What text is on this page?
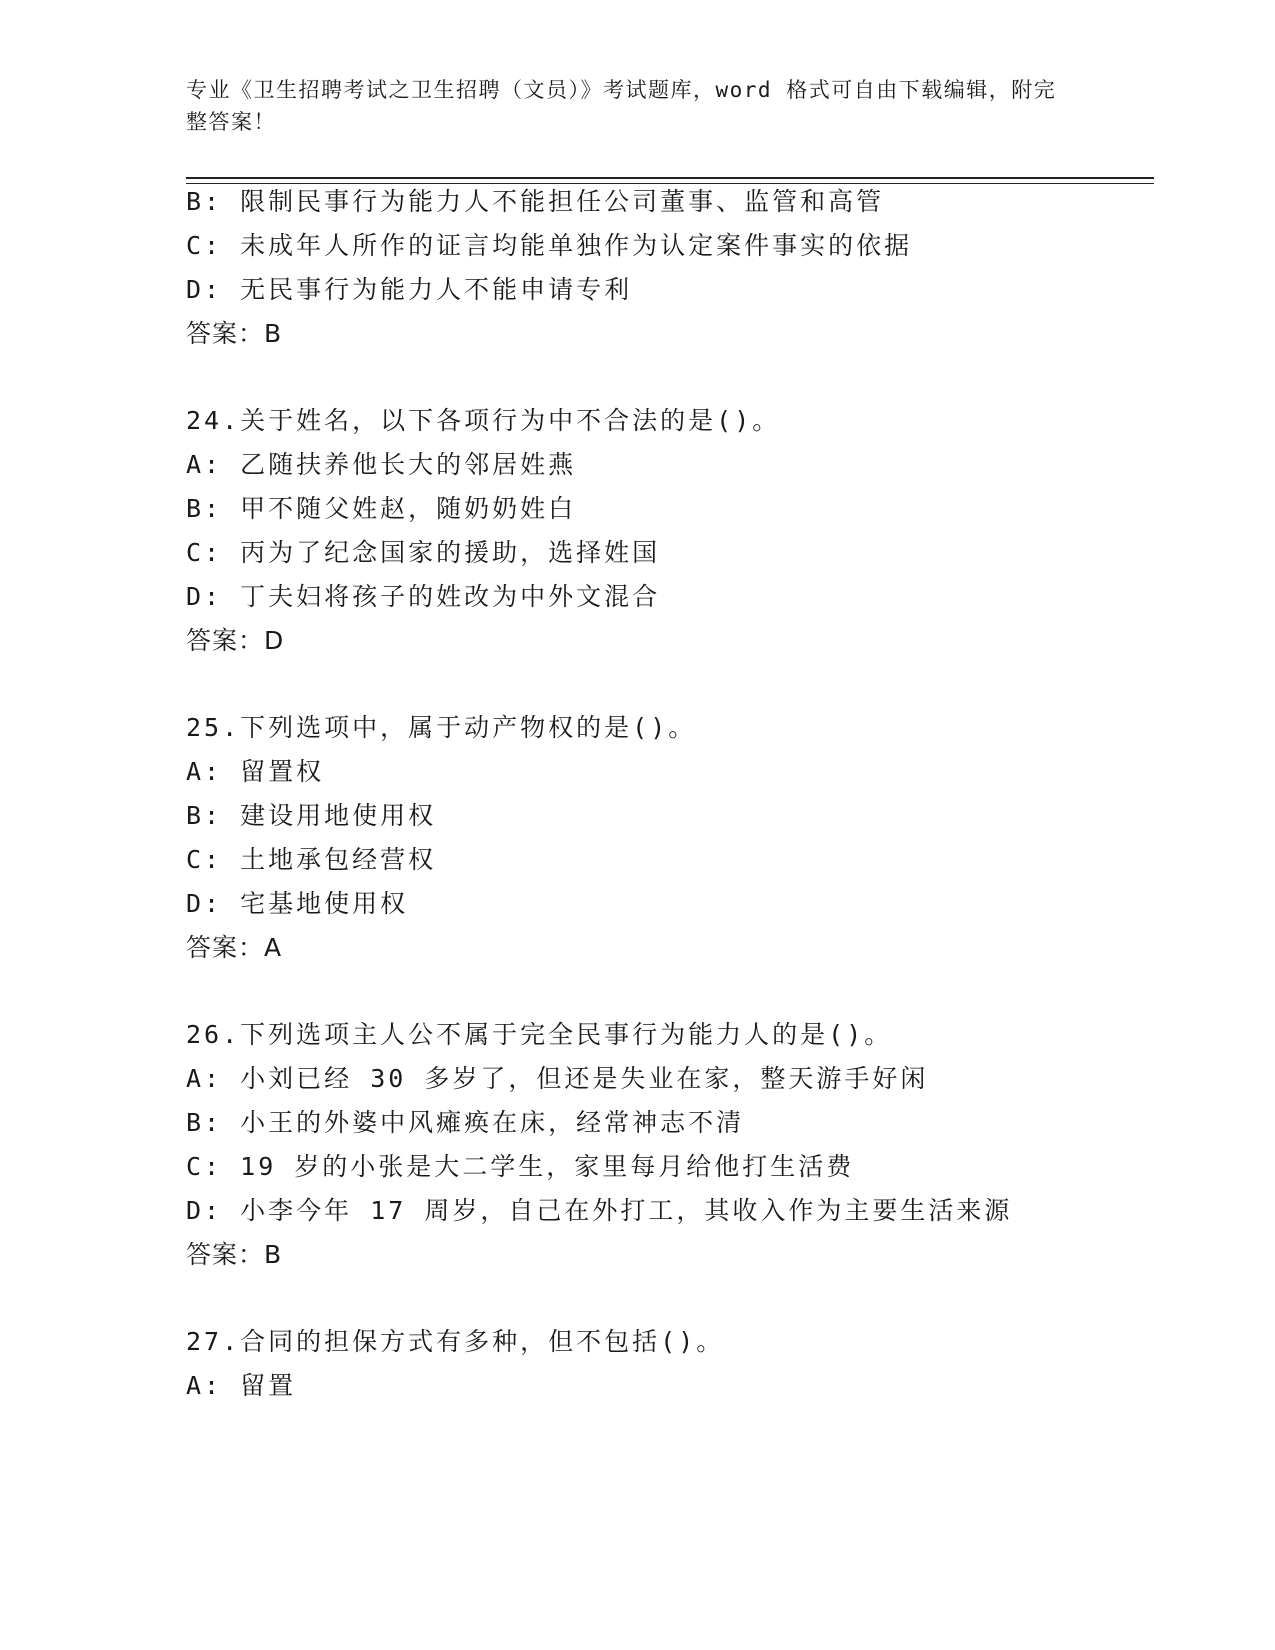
专业《卫生招聘考试之卫生招聘（文员）》考试题库，word 格式可自由下载编辑，附完整答案！
B: 限制民事行为能力人不能担任公司董事、监管和高管
C: 未成年人所作的证言均能单独作为认定案件事实的依据
D: 无民事行为能力人不能申请专利
答案：B
24.关于姓名，以下各项行为中不合法的是()。
A: 乙随扶养他长大的邻居姓燕
B: 甲不随父姓赵，随奶奶姓白
C: 丙为了纪念国家的援助，选择姓国
D: 丁夫妇将孩子的姓改为中外文混合
答案：D
25.下列选项中，属于动产物权的是()。
A: 留置权
B: 建设用地使用权
C: 土地承包经营权
D: 宅基地使用权
答案：A
26.下列选项主人公不属于完全民事行为能力人的是()。
A: 小刘已经 30 多岁了，但还是失业在家，整天游手好闲
B: 小王的外婆中风瘫痪在床，经常神志不清
C: 19 岁的小张是大二学生，家里每月给他打生活费
D: 小李今年 17 周岁，自己在外打工，其收入作为主要生活来源
答案：B
27.合同的担保方式有多种，但不包括()。
A: 留置
